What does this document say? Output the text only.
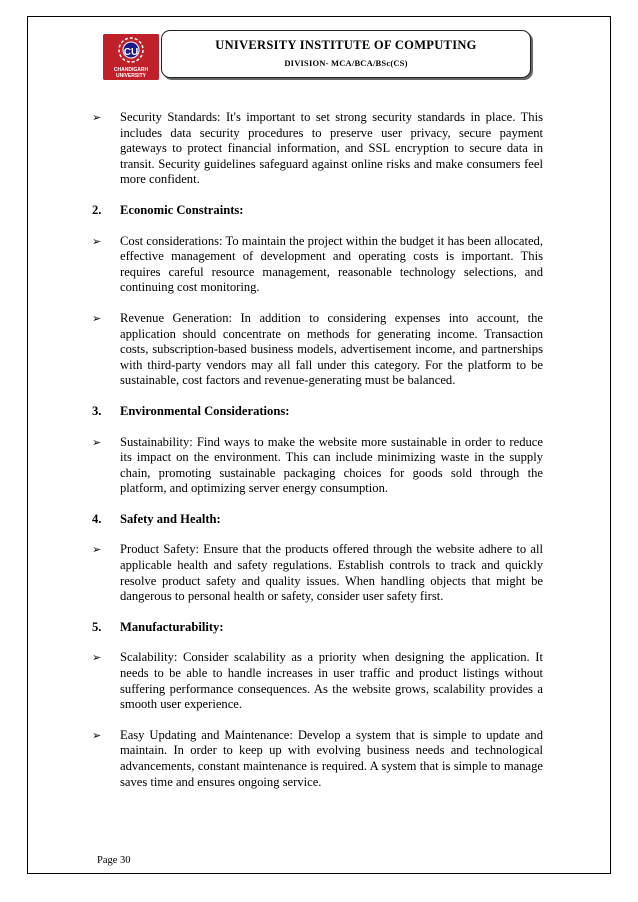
CU
CHANDIGARH
UNIVERSITY
UNIVERSITY INSTITUTE OF COMPUTING
DIVISION- MCA/BCA/BSc(CS)
➢ Security Standards: It's important to set strong security standards in place. This includes data security procedures to preserve user privacy, secure payment gateways to protect financial information, and SSL encryption to secure data in transit. Security guidelines safeguard against online risks and make consumers feel more confident.
2. Economic Constraints:
➢ Cost considerations: To maintain the project within the budget it has been allocated, effective management of development and operating costs is important. This requires careful resource management, reasonable technology selections, and continuing cost monitoring.
➢ Revenue Generation: In addition to considering expenses into account, the application should concentrate on methods for generating income. Transaction costs, subscription-based business models, advertisement income, and partnerships with third-party vendors may all fall under this category. For the platform to be sustainable, cost factors and revenue-generating must be balanced.
3. Environmental Considerations:
➢ Sustainability: Find ways to make the website more sustainable in order to reduce its impact on the environment. This can include minimizing waste in the supply chain, promoting sustainable packaging choices for goods sold through the platform, and optimizing server energy consumption.
4. Safety and Health:
➢ Product Safety: Ensure that the products offered through the website adhere to all applicable health and safety regulations. Establish controls to track and quickly resolve product safety and quality issues. When handling objects that might be dangerous to personal health or safety, consider user safety first.
5. Manufacturability:
➢ Scalability: Consider scalability as a priority when designing the application. It needs to be able to handle increases in user traffic and product listings without suffering performance consequences. As the website grows, scalability provides a smooth user experience.
➢ Easy Updating and Maintenance: Develop a system that is simple to update and maintain. In order to keep up with evolving business needs and technological advancements, constant maintenance is required. A system that is simple to manage saves time and ensures ongoing service.
Page 30
